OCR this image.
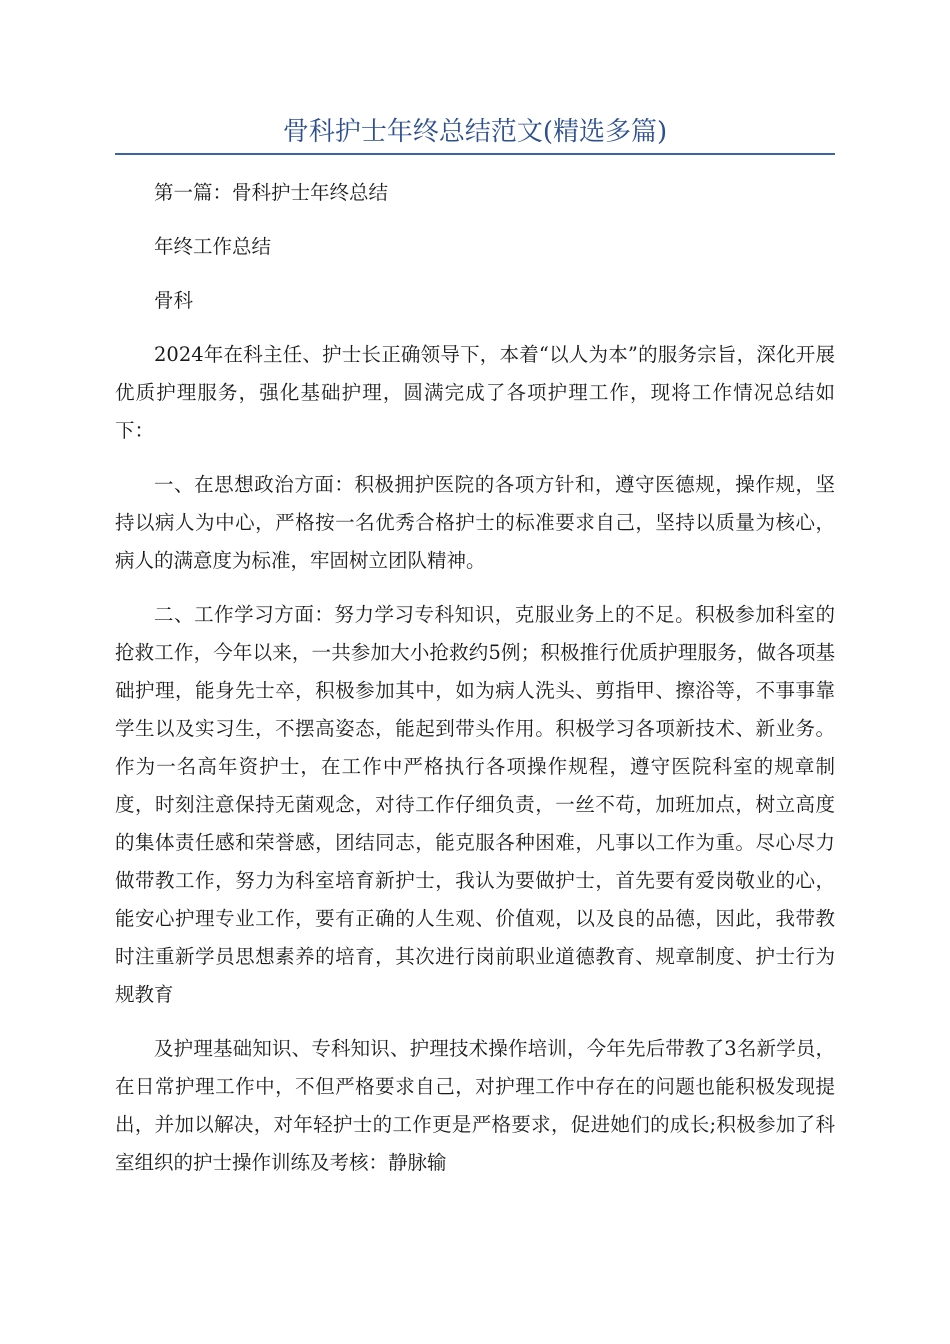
骨科护士年终总结范文(精选多篇)

第一篇：骨科护士年终总结

年终工作总结

骨科

2024年在科主任、护士长正确领导下，本着“以人为本”的服务宗旨，深化开展优质护理服务，强化基础护理，圆满完成了各项护理工作，现将工作情况总结如下：

一、在思想政治方面：积极拥护医院的各项方针和，遵守医德规，操作规，坚持以病人为中心，严格按一名优秀合格护士的标准要求自己，坚持以质量为核心，病人的满意度为标准，牢固树立团队精神。

二、工作学习方面：努力学习专科知识，克服业务上的不足。积极参加科室的抢救工作，今年以来，一共参加大小抢救约5例；积极推行优质护理服务，做各项基础护理，能身先士卒，积极参加其中，如为病人洗头、剪指甲、擦浴等，不事事靠学生以及实习生，不摆高姿态，能起到带头作用。积极学习各项新技术、新业务。作为一名高年资护士，在工作中严格执行各项操作规程，遵守医院科室的规章制度，时刻注意保持无菌观念，对待工作仔细负责，一丝不苟，加班加点，树立高度的集体责任感和荣誉感，团结同志，能克服各种困难，凡事以工作为重。尽心尽力做带教工作，努力为科室培育新护士，我认为要做护士，首先要有爱岗敬业的心，能安心护理专业工作，要有正确的人生观、价值观，以及良的品德，因此，我带教时注重新学员思想素养的培育，其次进行岗前职业道德教育、规章制度、护士行为规教育

及护理基础知识、专科知识、护理技术操作培训，今年先后带教了3名新学员，在日常护理工作中，不但严格要求自己，对护理工作中存在的问题也能积极发现提出，并加以解决，对年轻护士的工作更是严格要求，促进她们的成长;积极参加了科室组织的护士操作训练及考核：静脉输
